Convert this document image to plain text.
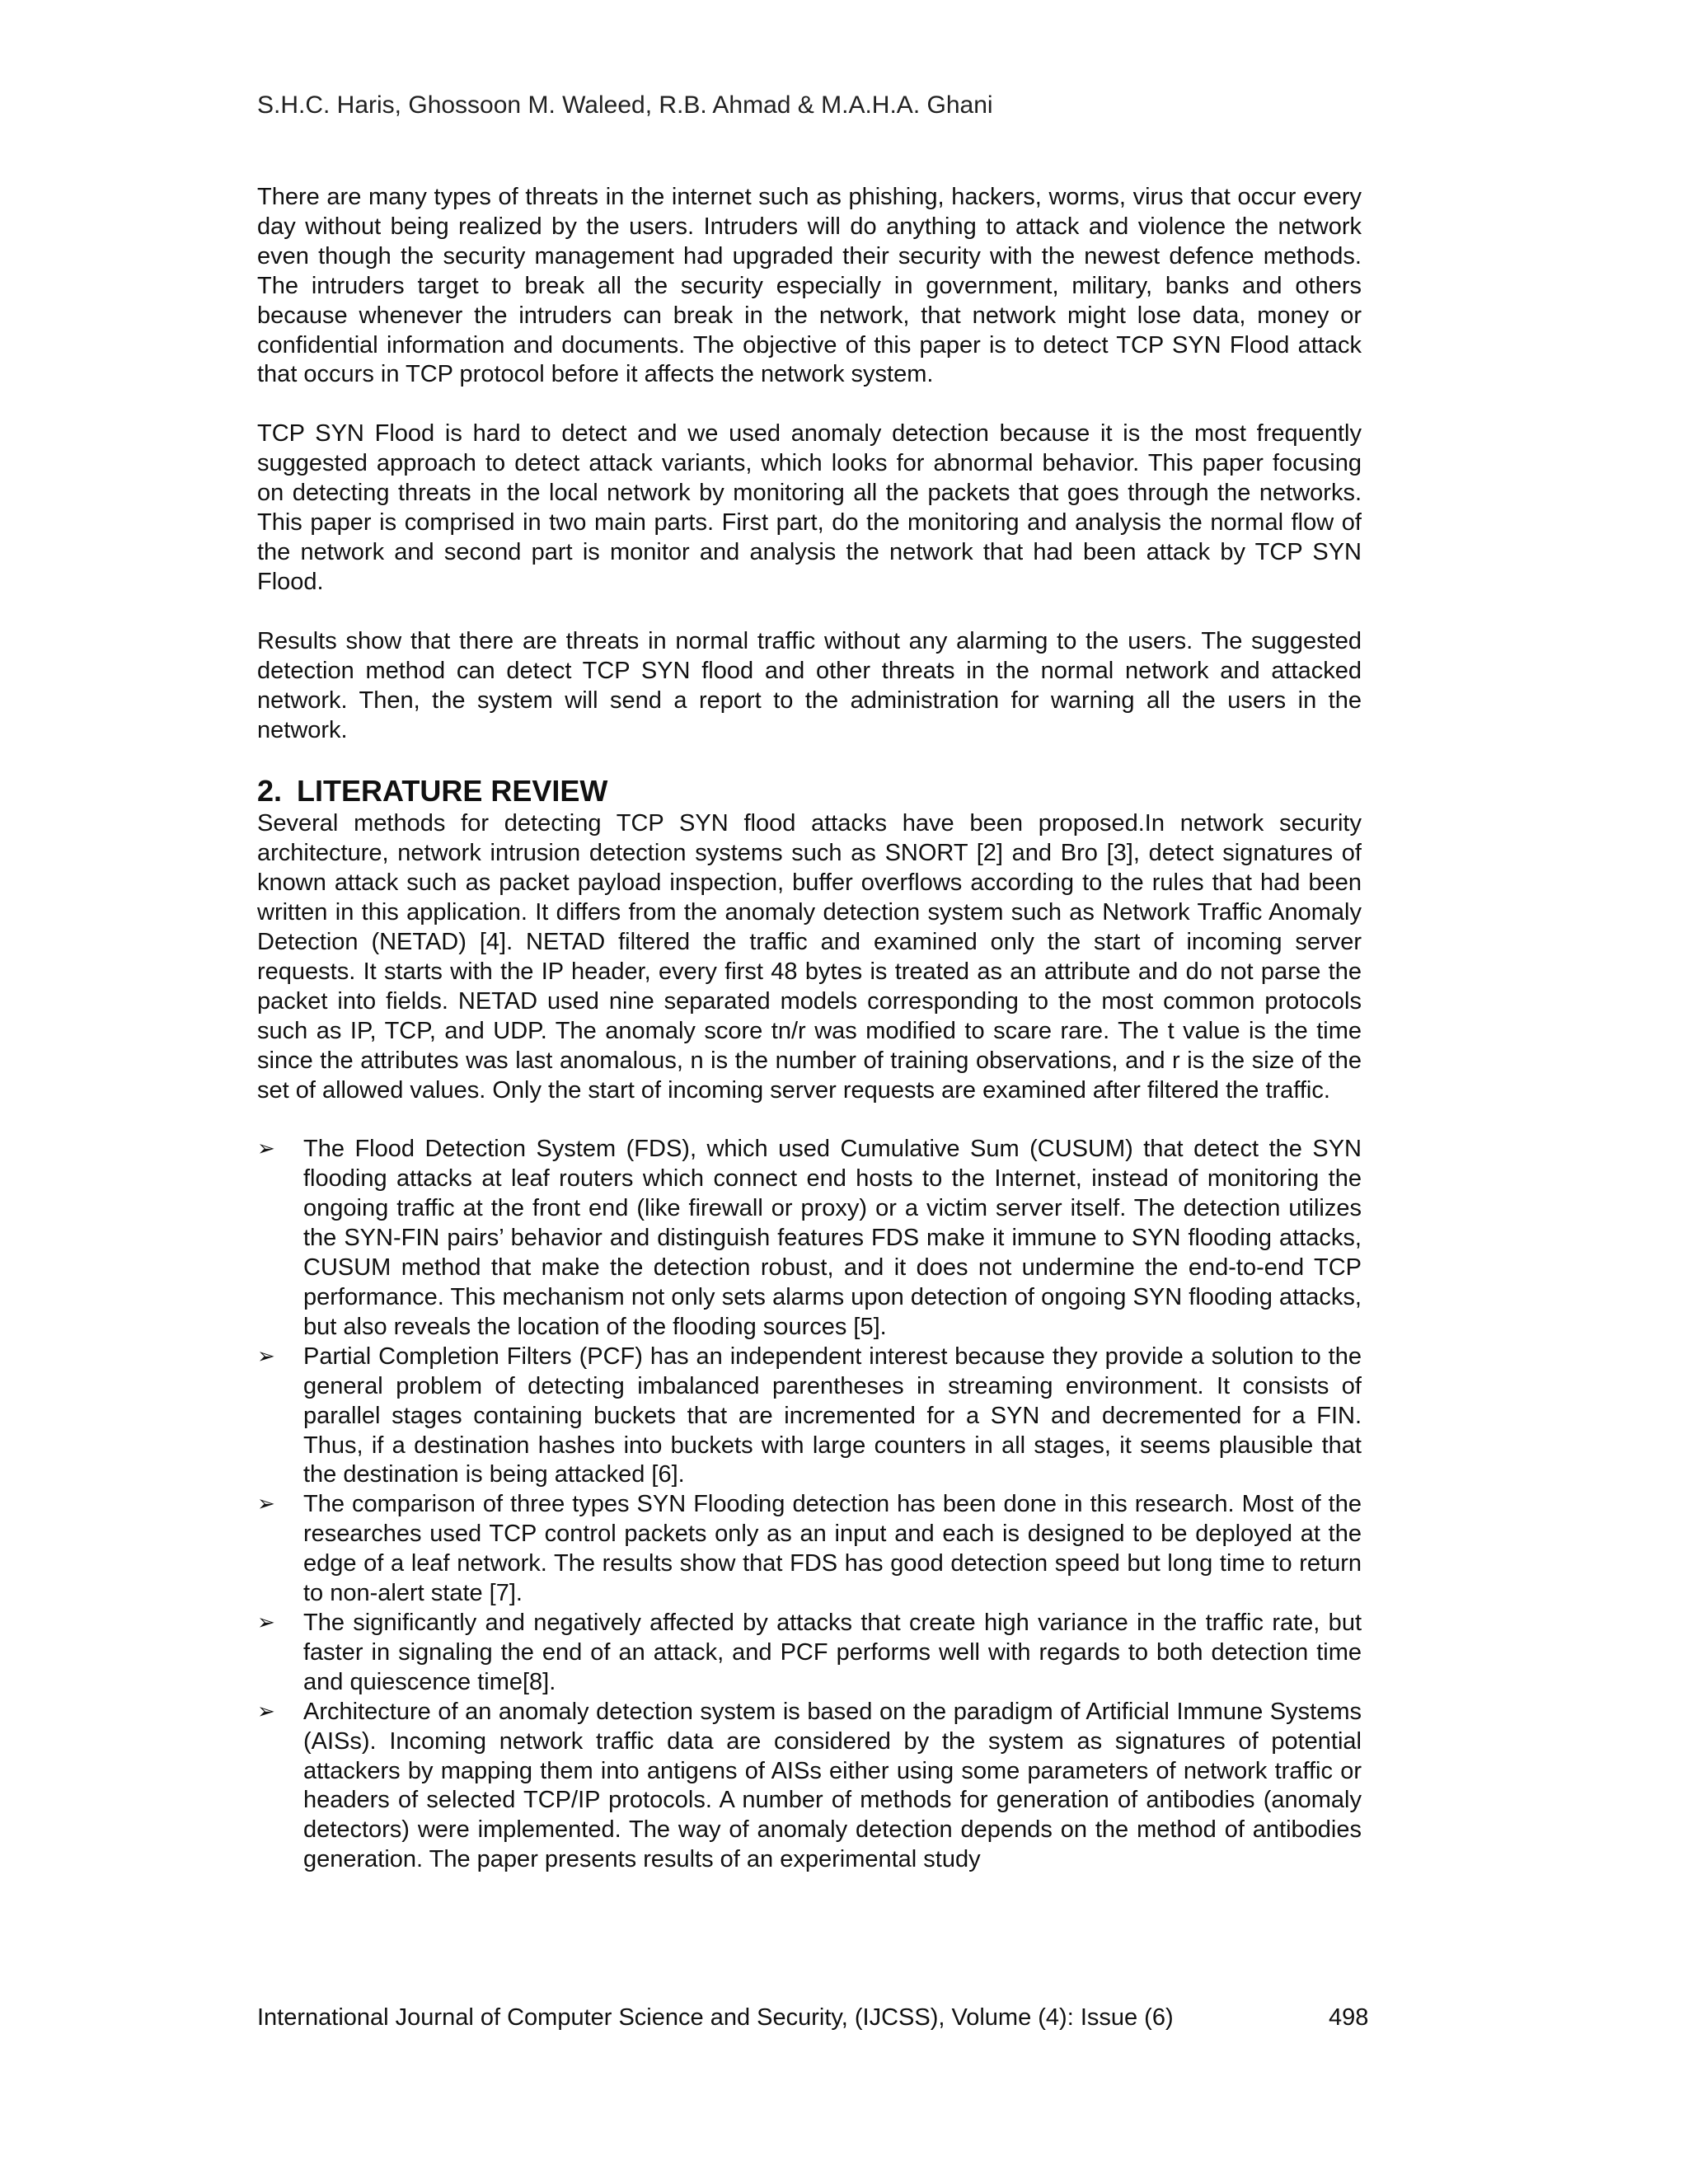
S.H.C. Haris, Ghossoon M. Waleed, R.B. Ahmad & M.A.H.A. Ghani

There are many types of threats in the internet such as phishing, hackers, worms, virus that occur every day without being realized by the users. Intruders will do anything to attack and violence the network even though the security management had upgraded their security with the newest defence methods. The intruders target to break all the security especially in government, military, banks and others because whenever the intruders can break in the network, that network might lose data, money or confidential information and documents. The objective of this paper is to detect TCP SYN Flood attack that occurs in TCP protocol before it affects the network system.

TCP SYN Flood is hard to detect and we used anomaly detection because it is the most frequently suggested approach to detect attack variants, which looks for abnormal behavior. This paper focusing on detecting threats in the local network by monitoring all the packets that goes through the networks. This paper is comprised in two main parts. First part, do the monitoring and analysis the normal flow of the network and second part is monitor and analysis the network that had been attack by TCP SYN Flood.

Results show that there are threats in normal traffic without any alarming to the users. The suggested detection method can detect TCP SYN flood and other threats in the normal network and attacked network. Then, the system will send a report to the administration for warning all the users in the network.

2. LITERATURE REVIEW

Several methods for detecting TCP SYN flood attacks have been proposed.In network security architecture, network intrusion detection systems such as SNORT [2] and Bro [3], detect signatures of known attack such as packet payload inspection, buffer overflows according to the rules that had been written in this application. It differs from the anomaly detection system such as Network Traffic Anomaly Detection (NETAD) [4]. NETAD filtered the traffic and examined only the start of incoming server requests. It starts with the IP header, every first 48 bytes is treated as an attribute and do not parse the packet into fields. NETAD used nine separated models corresponding to the most common protocols such as IP, TCP, and UDP. The anomaly score tn/r was modified to scare rare. The t value is the time since the attributes was last anomalous, n is the number of training observations, and r is the size of the set of allowed values. Only the start of incoming server requests are examined after filtered the traffic.

➢	The Flood Detection System (FDS), which used Cumulative Sum (CUSUM) that detect the SYN flooding attacks at leaf routers which connect end hosts to the Internet, instead of monitoring the ongoing traffic at the front end (like firewall or proxy) or a victim server itself. The detection utilizes the SYN-FIN pairs’ behavior and distinguish features FDS make it immune to SYN flooding attacks, CUSUM method that make the detection robust, and it does not undermine the end-to-end TCP performance. This mechanism not only sets alarms upon detection of ongoing SYN flooding attacks, but also reveals the location of the flooding sources [5].
➢	Partial Completion Filters (PCF) has an independent interest because they provide a solution to the general problem of detecting imbalanced parentheses in streaming environment. It consists of parallel stages containing buckets that are incremented for a SYN and decremented for a FIN. Thus, if a destination hashes into buckets with large counters in all stages, it seems plausible that the destination is being attacked [6].
➢	The comparison of three types SYN Flooding detection has been done in this research. Most of the researches used TCP control packets only as an input and each is designed to be deployed at the edge of a leaf network. The results show that FDS has good detection speed but long time to return to non-alert state [7].
➢	The significantly and negatively affected by attacks that create high variance in the traffic rate, but faster in signaling the end of an attack, and PCF performs well with regards to both detection time and quiescence time[8].
➢	Architecture of an anomaly detection system is based on the paradigm of Artificial Immune Systems (AISs). Incoming network traffic data are considered by the system as signatures of potential attackers by mapping them into antigens of AISs either using some parameters of network traffic or headers of selected TCP/IP protocols. A number of methods for generation of antibodies (anomaly detectors) were implemented. The way of anomaly detection depends on the method of antibodies generation. The paper presents results of an experimental study
International Journal of Computer Science and Security, (IJCSS), Volume (4): Issue (6)	498
